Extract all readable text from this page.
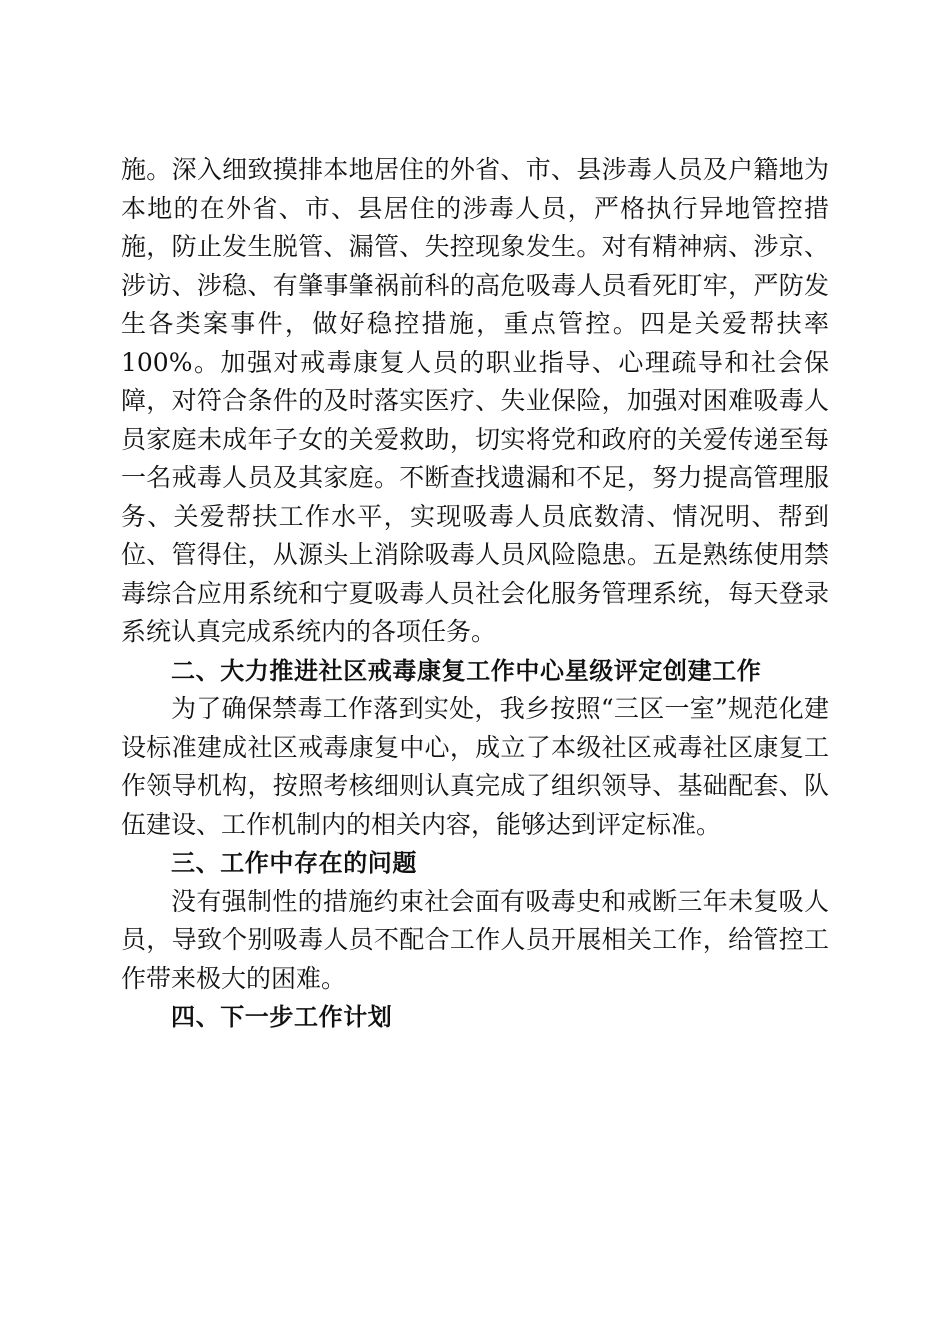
施。深入细致摸排本地居住的外省、市、县涉毒人员及户籍地为本地的在外省、市、县居住的涉毒人员，严格执行异地管控措施，防止发生脱管、漏管、失控现象发生。对有精神病、涉京、涉访、涉稳、有肇事肇祸前科的高危吸毒人员看死盯牢，严防发生各类案事件，做好稳控措施，重点管控。四是关爱帮扶率100%。加强对戒毒康复人员的职业指导、心理疏导和社会保障，对符合条件的及时落实医疗、失业保险，加强对困难吸毒人员家庭未成年子女的关爱救助，切实将党和政府的关爱传递至每一名戒毒人员及其家庭。不断查找遗漏和不足，努力提高管理服务、关爱帮扶工作水平，实现吸毒人员底数清、情况明、帮到位、管得住，从源头上消除吸毒人员风险隐患。五是熟练使用禁毒综合应用系统和宁夏吸毒人员社会化服务管理系统，每天登录系统认真完成系统内的各项任务。

二、大力推进社区戒毒康复工作中心星级评定创建工作

为了确保禁毒工作落到实处，我乡按照“三区一室”规范化建设标准建成社区戒毒康复中心，成立了本级社区戒毒社区康复工作领导机构，按照考核细则认真完成了组织领导、基础配套、队伍建设、工作机制内的相关内容，能够达到评定标准。

三、工作中存在的问题

没有强制性的措施约束社会面有吸毒史和戒断三年未复吸人员，导致个别吸毒人员不配合工作人员开展相关工作，给管控工作带来极大的困难。

四、下一步工作计划
